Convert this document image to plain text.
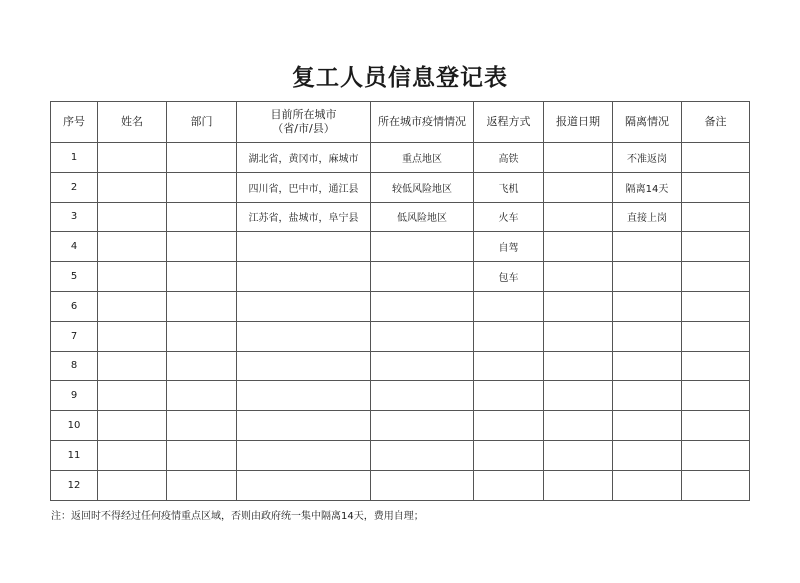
复工人员信息登记表
序号	姓名	部门	目前所在城市
（省/市/县）	所在城市疫情情况	返程方式	报道日期	隔离情况	备注
1			湖北省，黄冈市，麻城市	重点地区	高铁		不准返岗	
2			四川省，巴中市，通江县	较低风险地区	飞机		隔离14天	
3			江苏省，盐城市，阜宁县	低风险地区	火车		直接上岗	
4					自驾			
5					包车			
6								
7								
8								
9								
10								
11								
12								
注：返回时不得经过任何疫情重点区域，否则由政府统一集中隔离14天，费用自理；
